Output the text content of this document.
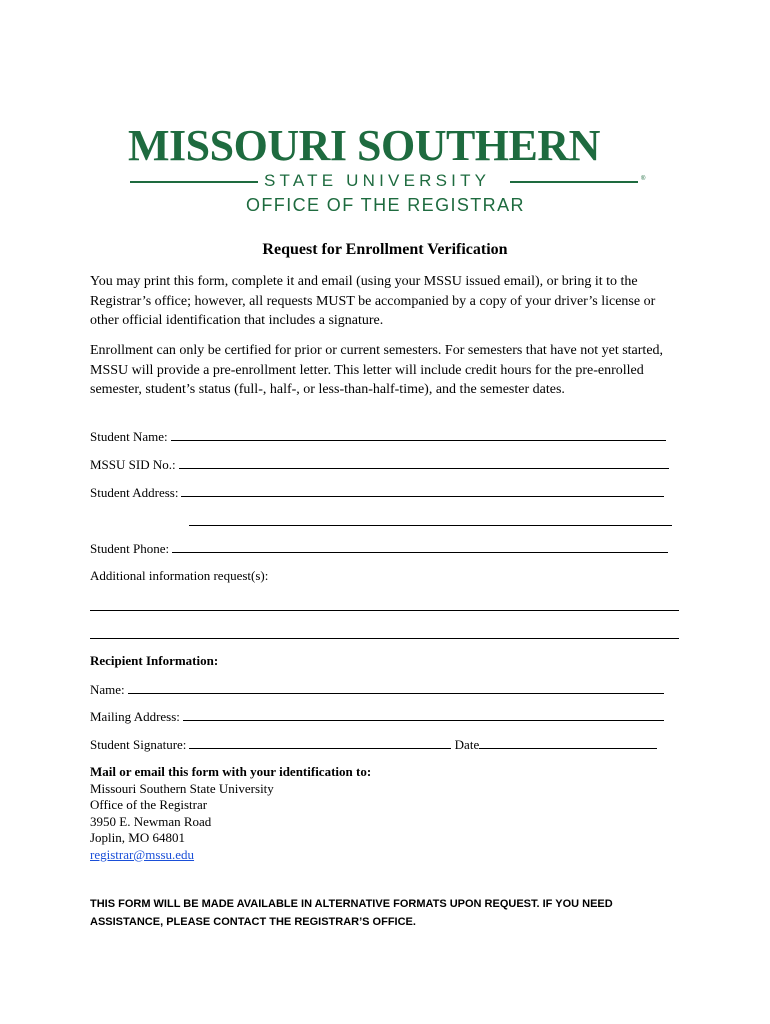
MISSOURI SOUTHERN
STATE UNIVERSITY	®
OFFICE OF THE REGISTRAR
Request for Enrollment Verification
You may print this form, complete it and email (using your MSSU issued email), or bring it to the Registrar’s office; however, all requests MUST be accompanied by a copy of your driver’s license or other official identification that includes a signature.
Enrollment can only be certified for prior or current semesters. For semesters that have not yet started, MSSU will provide a pre-enrollment letter. This letter will include credit hours for the pre-enrolled semester, student’s status (full-, half-, or less-than-half-time), and the semester dates.
Student Name:
MSSU SID No.:
Student Address:
Student Phone:
Additional information request(s):
Recipient Information:
Name:
Mailing Address:
Student Signature:	Date
Mail or email this form with your identification to:
Missouri Southern State University
Office of the Registrar
3950 E. Newman Road
Joplin, MO 64801
registrar@mssu.edu
THIS FORM WILL BE MADE AVAILABLE IN ALTERNATIVE FORMATS UPON REQUEST. IF YOU NEED
ASSISTANCE, PLEASE CONTACT THE REGISTRAR’S OFFICE.
